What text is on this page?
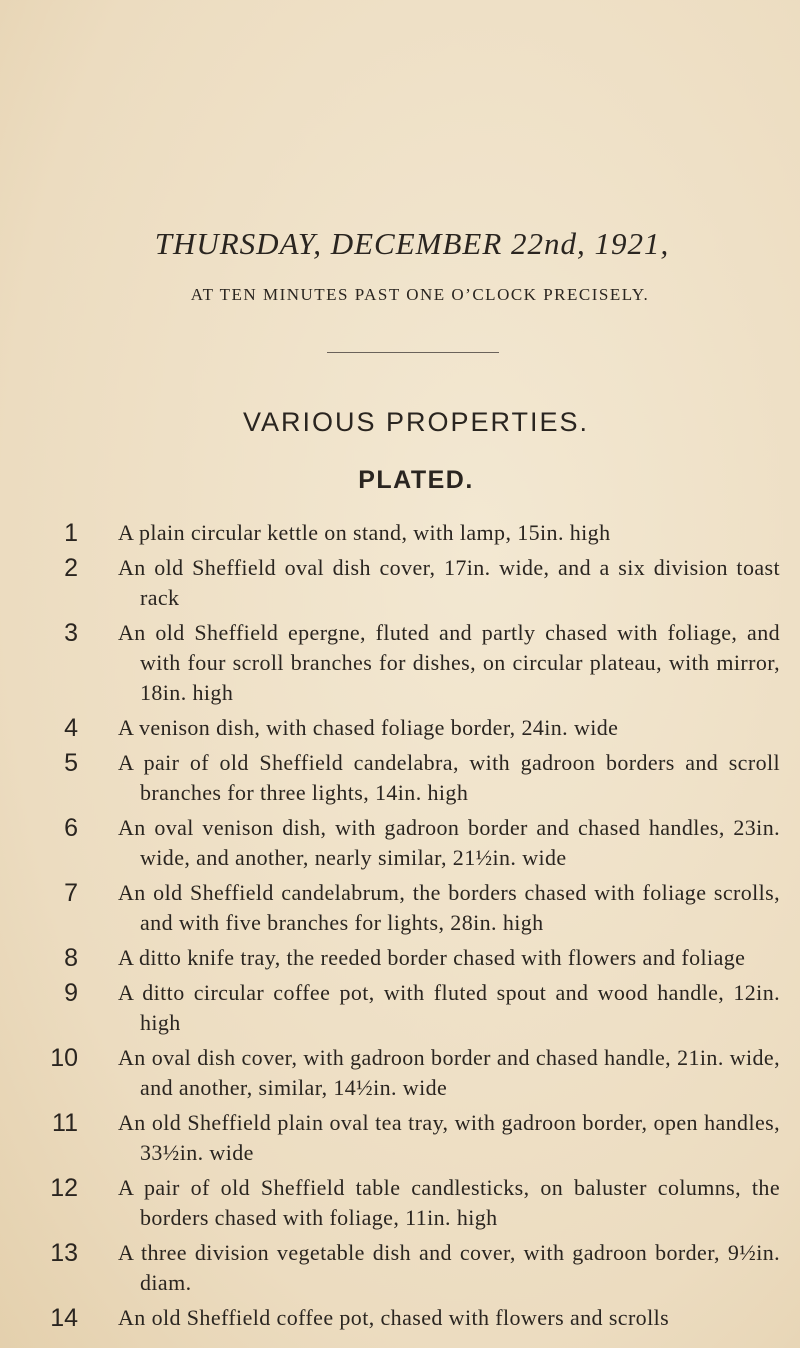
THURSDAY, DECEMBER 22nd, 1921,
AT TEN MINUTES PAST ONE O’CLOCK PRECISELY.
VARIOUS PROPERTIES.
PLATED.
1 A plain circular kettle on stand, with lamp, 15in. high
2 An old Sheffield oval dish cover, 17in. wide, and a six division toast rack
3 An old Sheffield epergne, fluted and partly chased with foliage, and with four scroll branches for dishes, on circular plateau, with mirror, 18in. high
4 A venison dish, with chased foliage border, 24in. wide
5 A pair of old Sheffield candelabra, with gadroon borders and scroll branches for three lights, 14in. high
6 An oval venison dish, with gadroon border and chased handles, 23in. wide, and another, nearly similar, 21½in. wide
7 An old Sheffield candelabrum, the borders chased with foliage scrolls, and with five branches for lights, 28in. high
8 A ditto knife tray, the reeded border chased with flowers and foliage
9 A ditto circular coffee pot, with fluted spout and wood handle, 12in. high
10 An oval dish cover, with gadroon border and chased handle, 21in. wide, and another, similar, 14½in. wide
11 An old Sheffield plain oval tea tray, with gadroon border, open handles, 33½in. wide
12 A pair of old Sheffield table candlesticks, on baluster columns, the borders chased with foliage, 11in. high
13 A three division vegetable dish and cover, with gadroon border, 9½in. diam.
14 An old Sheffield coffee pot, chased with flowers and scrolls
